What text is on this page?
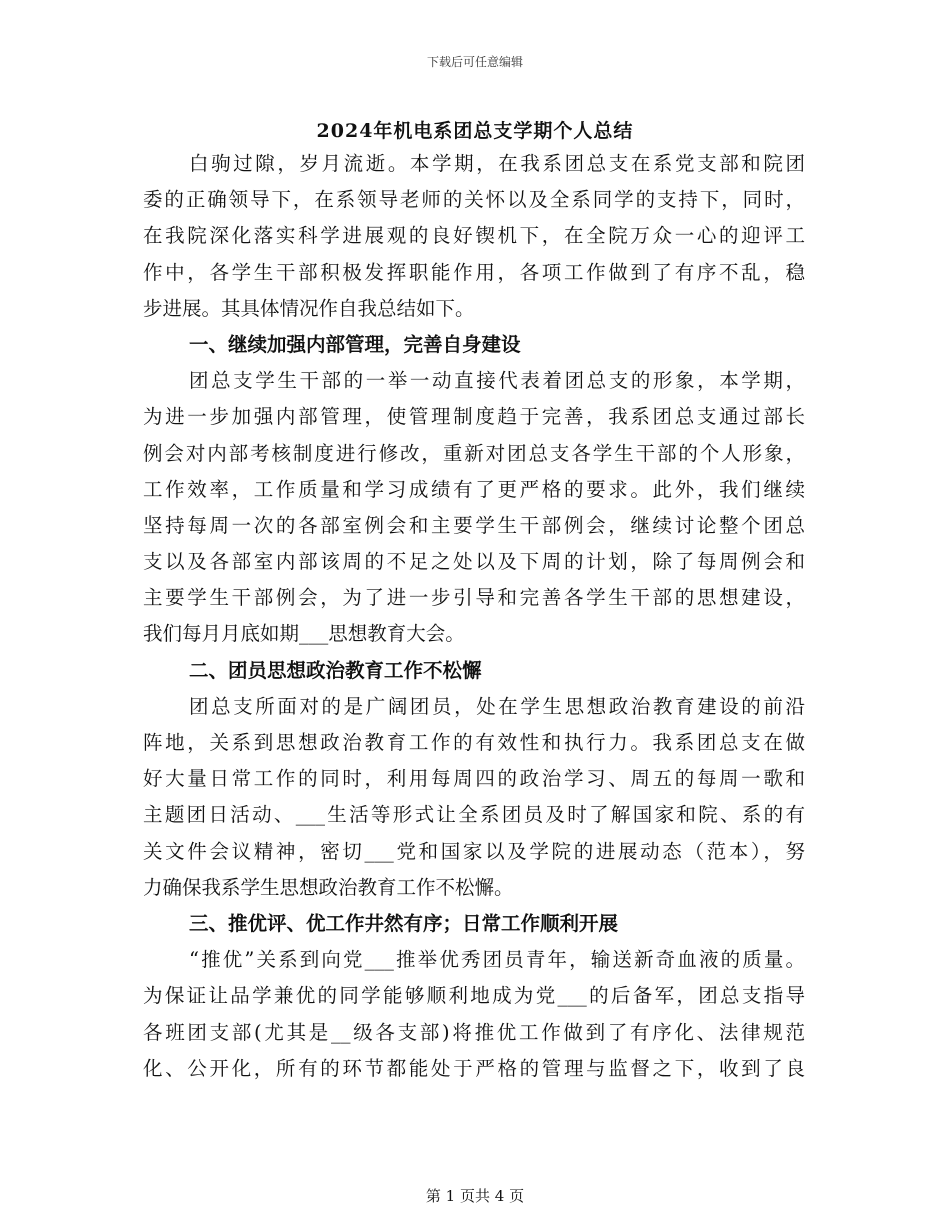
下载后可任意编辑
2024年机电系团总支学期个人总结
白驹过隙，岁月流逝。本学期，在我系团总支在系党支部和院团
委的正确领导下，在系领导老师的关怀以及全系同学的支持下，同时，
在我院深化落实科学进展观的良好锲机下，在全院万众一心的迎评工
作中，各学生干部积极发挥职能作用，各项工作做到了有序不乱，稳
步进展。其具体情况作自我总结如下。
一、继续加强内部管理，完善自身建设
团总支学生干部的一举一动直接代表着团总支的形象，本学期，
为进一步加强内部管理，使管理制度趋于完善，我系团总支通过部长
例会对内部考核制度进行修改，重新对团总支各学生干部的个人形象，
工作效率，工作质量和学习成绩有了更严格的要求。此外，我们继续
坚持每周一次的各部室例会和主要学生干部例会，继续讨论整个团总
支以及各部室内部该周的不足之处以及下周的计划，除了每周例会和
主要学生干部例会，为了进一步引导和完善各学生干部的思想建设，
我们每月月底如期___思想教育大会。
二、团员思想政治教育工作不松懈
团总支所面对的是广阔团员，处在学生思想政治教育建设的前沿
阵地，关系到思想政治教育工作的有效性和执行力。我系团总支在做
好大量日常工作的同时，利用每周四的政治学习、周五的每周一歌和
主题团日活动、___生活等形式让全系团员及时了解国家和院、系的有
关文件会议精神，密切___党和国家以及学院的进展动态（范本），努
力确保我系学生思想政治教育工作不松懈。
三、推优评、优工作井然有序；日常工作顺利开展
“推优”关系到向党___推举优秀团员青年，输送新奇血液的质量。
为保证让品学兼优的同学能够顺利地成为党___的后备军，团总支指导
各班团支部(尤其是__级各支部)将推优工作做到了有序化、法律规范
化、公开化，所有的环节都能处于严格的管理与监督之下，收到了良
第 1 页共 4 页
